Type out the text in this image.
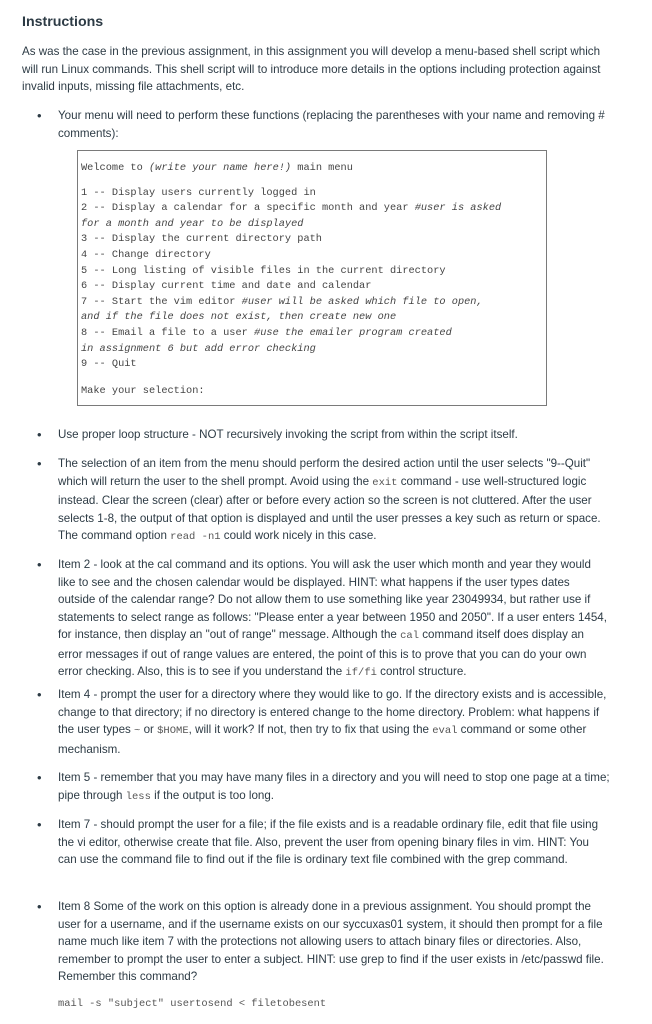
Instructions

As was the case in the previous assignment, in this assignment you will develop a menu-based shell script which will run Linux commands. This shell script will to introduce more details in the options including protection against invalid inputs, missing file attachments, etc.

• Your menu will need to perform these functions (replacing the parentheses with your name and removing # comments):
• Use proper loop structure - NOT recursively invoking the script from within the script itself.
• The selection of an item from the menu should perform the desired action until the user selects "9--Quit" which will return the user to the shell prompt. Avoid using the exit command - use well-structured logic instead. Clear the screen (clear) after or before every action so the screen is not cluttered. After the user selects 1-8, the output of that option is displayed and until the user presses a key such as return or space. The command option read -n1 could work nicely in this case.
• Item 2 - look at the cal command and its options. You will ask the user which month and year they would like to see and the chosen calendar would be displayed. HINT: what happens if the user types dates outside of the calendar range? Do not allow them to use something like year 23049934, but rather use if statements to select range as follows: "Please enter a year between 1950 and 2050". If a user enters 1454, for instance, then display an "out of range" message. Although the cal command itself does display an error messages if out of range values are entered, the point of this is to prove that you can do your own error checking. Also, this is to see if you understand the if/fi control structure.
• Item 4 - prompt the user for a directory where they would like to go. If the directory exists and is accessible, change to that directory; if no directory is entered change to the home directory. Problem: what happens if the user types ~ or $HOME, will it work? If not, then try to fix that using the eval command or some other mechanism.
• Item 5 - remember that you may have many files in a directory and you will need to stop one page at a time; pipe through less if the output is too long.
• Item 7 - should prompt the user for a file; if the file exists and is a readable ordinary file, edit that file using the vi editor, otherwise create that file. Also, prevent the user from opening binary files in vim. HINT: You can use the command file to find out if the file is ordinary text file combined with the grep command.
• Item 8 Some of the work on this option is already done in a previous assignment. You should prompt the user for a username, and if the username exists on our syccuxas01 system, it should then prompt for a file name much like item 7 with the protections not allowing users to attach binary files or directories. Also, remember to prompt the user to enter a subject. HINT: use grep to find if the user exists in /etc/passwd file. Remember this command?
Welcome to (write your name here!) main menu
1 -- Display users currently logged in
2 -- Display a calendar for a specific month and year #user is asked
for a month and year to be displayed
3 -- Display the current directory path
4 -- Change directory
5 -- Long listing of visible files in the current directory
6 -- Display current time and date and calendar
7 -- Start the vim editor #user will be asked which file to open,
and if the file does not exist, then create new one
8 -- Email a file to a user #use the emailer program created
in assignment 6 but add error checking
9 -- Quit
Make your selection:
mail -s "subject" usertosend < filetobesent
